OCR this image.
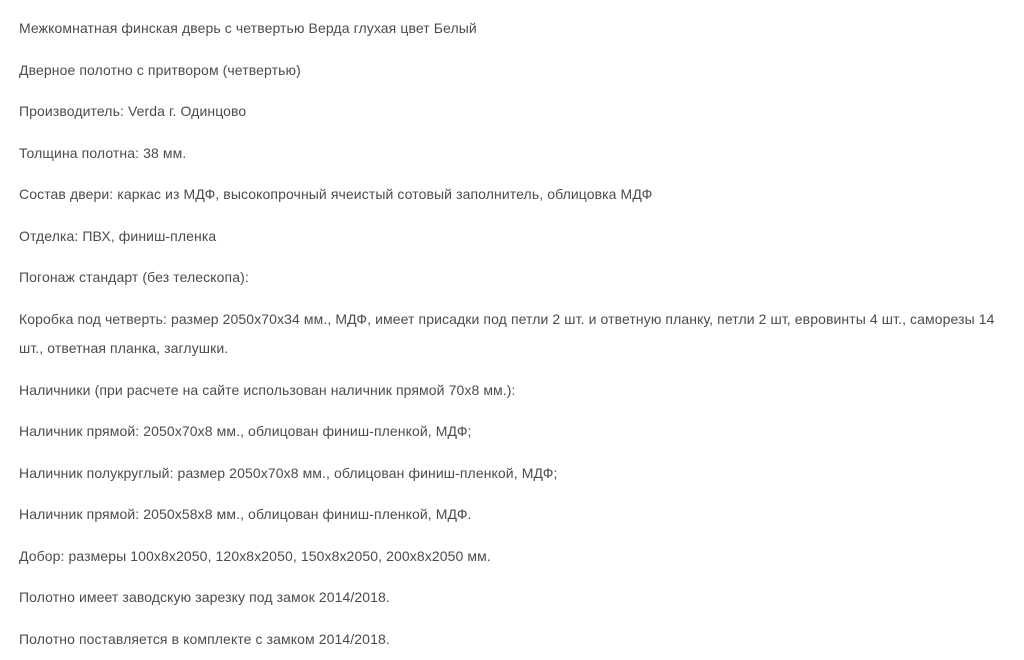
Межкомнатная финская дверь с четвертью Верда глухая цвет Белый

Дверное полотно с притвором (четвертью)

Производитель: Verda г. Одинцово

Толщина полотна: 38 мм.

Состав двери: каркас из МДФ, высокопрочный ячеистый сотовый заполнитель, облицовка МДФ

Отделка: ПВХ, финиш-пленка

Погонаж стандарт (без телескопа):

Коробка под четверть: размер 2050х70х34 мм., МДФ, имеет присадки под петли 2 шт. и ответную планку, петли 2 шт, евровинты 4 шт., саморезы 14 шт., ответная планка, заглушки.

Наличники (при расчете на сайте использован наличник прямой 70х8 мм.):

Наличник прямой: 2050х70х8 мм., облицован финиш-пленкой, МДФ;

Наличник полукруглый: размер 2050х70х8 мм., облицован финиш-пленкой, МДФ;

Наличник прямой: 2050х58х8 мм., облицован финиш-пленкой, МДФ.

Добор: размеры 100х8х2050, 120х8х2050, 150х8х2050, 200х8х2050 мм.

Полотно имеет заводскую зарезку под замок 2014/2018.

Полотно поставляется в комплекте с замком 2014/2018.
